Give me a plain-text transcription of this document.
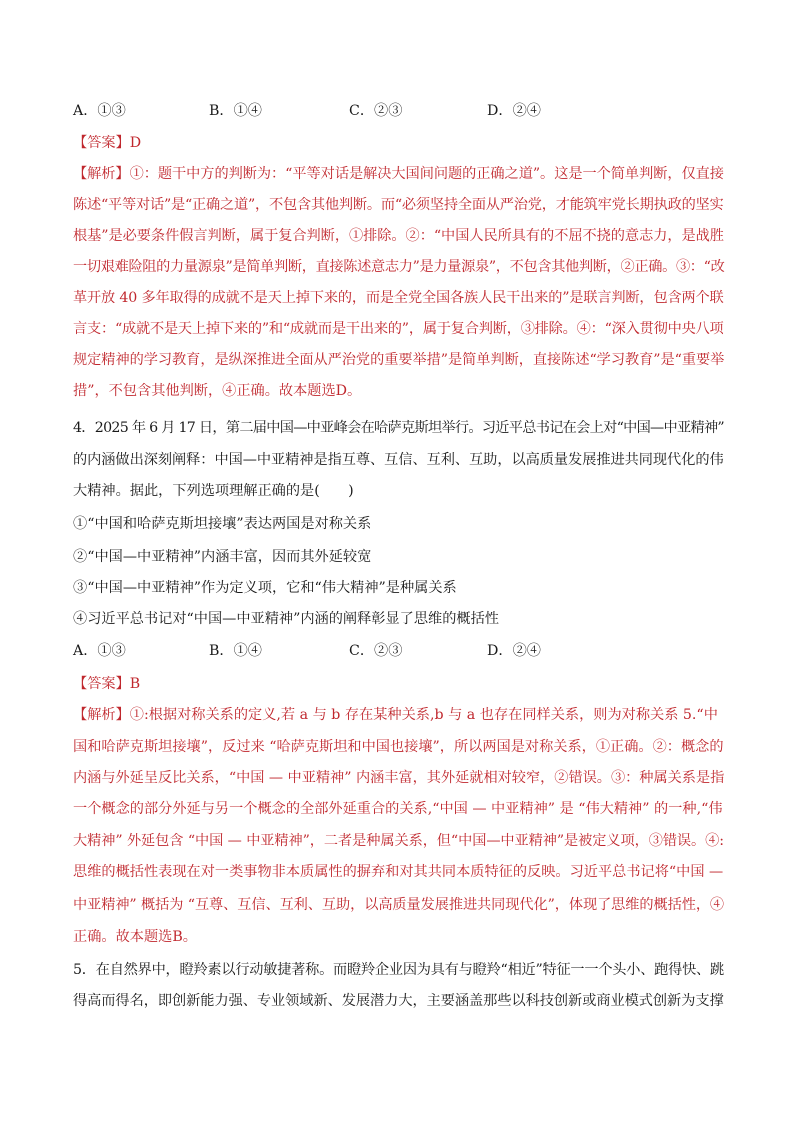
A．①③	B．①④	C．②③	D．②④
【答案】D
【解析】①：题干中方的判断为：“平等对话是解决大国间问题的正确之道”。这是一个简单判断，仅直接
陈述“平等对话”是“正确之道”，不包含其他判断。而“必须坚持全面从严治党，才能筑牢党长期执政的坚实
根基”是必要条件假言判断，属于复合判断，①排除。②：“中国人民所具有的不屈不挠的意志力，是战胜
一切艰难险阻的力量源泉”是简单判断，直接陈述意志力”是力量源泉”，不包含其他判断，②正确。③：“改
革开放 40 多年取得的成就不是天上掉下来的，而是全党全国各族人民干出来的”是联言判断，包含两个联
言支：“成就不是天上掉下来的”和“成就而是干出来的”，属于复合判断，③排除。④：“深入贯彻中央八项
规定精神的学习教育，是纵深推进全面从严治党的重要举措”是简单判断，直接陈述“学习教育”是“重要举
措”，不包含其他判断，④正确。故本题选D。
4．2025 年 6 月 17 日，第二届中国—中亚峰会在哈萨克斯坦举行。习近平总书记在会上对“中国—中亚精神”
的内涵做出深刻阐释：中国—中亚精神是指互尊、互信、互利、互助，以高质量发展推进共同现代化的伟
大精神。据此，下列选项理解正确的是(　　)
①“中国和哈萨克斯坦接壤”表达两国是对称关系
②“中国—中亚精神”内涵丰富，因而其外延较宽
③“中国—中亚精神”作为定义项，它和“伟大精神”是种属关系
④习近平总书记对“中国—中亚精神”内涵的阐释彰显了思维的概括性
A．①③	B．①④	C．②③	D．②④
【答案】B
【解析】①:根据对称关系的定义,若 a 与 b 存在某种关系,b 与 a 也存在同样关系，则为对称关系 5.“中
国和哈萨克斯坦接壤”，反过来 “哈萨克斯坦和中国也接壤”，所以两国是对称关系，①正确。②：概念的
内涵与外延呈反比关系，“中国 — 中亚精神” 内涵丰富，其外延就相对较窄，②错误。③：种属关系是指
一个概念的部分外延与另一个概念的全部外延重合的关系,“中国 — 中亚精神” 是 “伟大精神” 的一种,“伟
大精神” 外延包含 “中国 — 中亚精神”，二者是种属关系，但“中国—中亚精神”是被定义项，③错误。④:
思维的概括性表现在对一类事物非本质属性的摒弃和对其共同本质特征的反映。习近平总书记将“中国 —
中亚精神” 概括为 “互尊、互信、互利、互助，以高质量发展推进共同现代化”，体现了思维的概括性，④
正确。故本题选B。
5．在自然界中，瞪羚素以行动敏捷著称。而瞪羚企业因为具有与瞪羚“相近”特征一一个头小、跑得快、跳
得高而得名，即创新能力强、专业领域新、发展潜力大，主要涵盖那些以科技创新或商业模式创新为支撑
